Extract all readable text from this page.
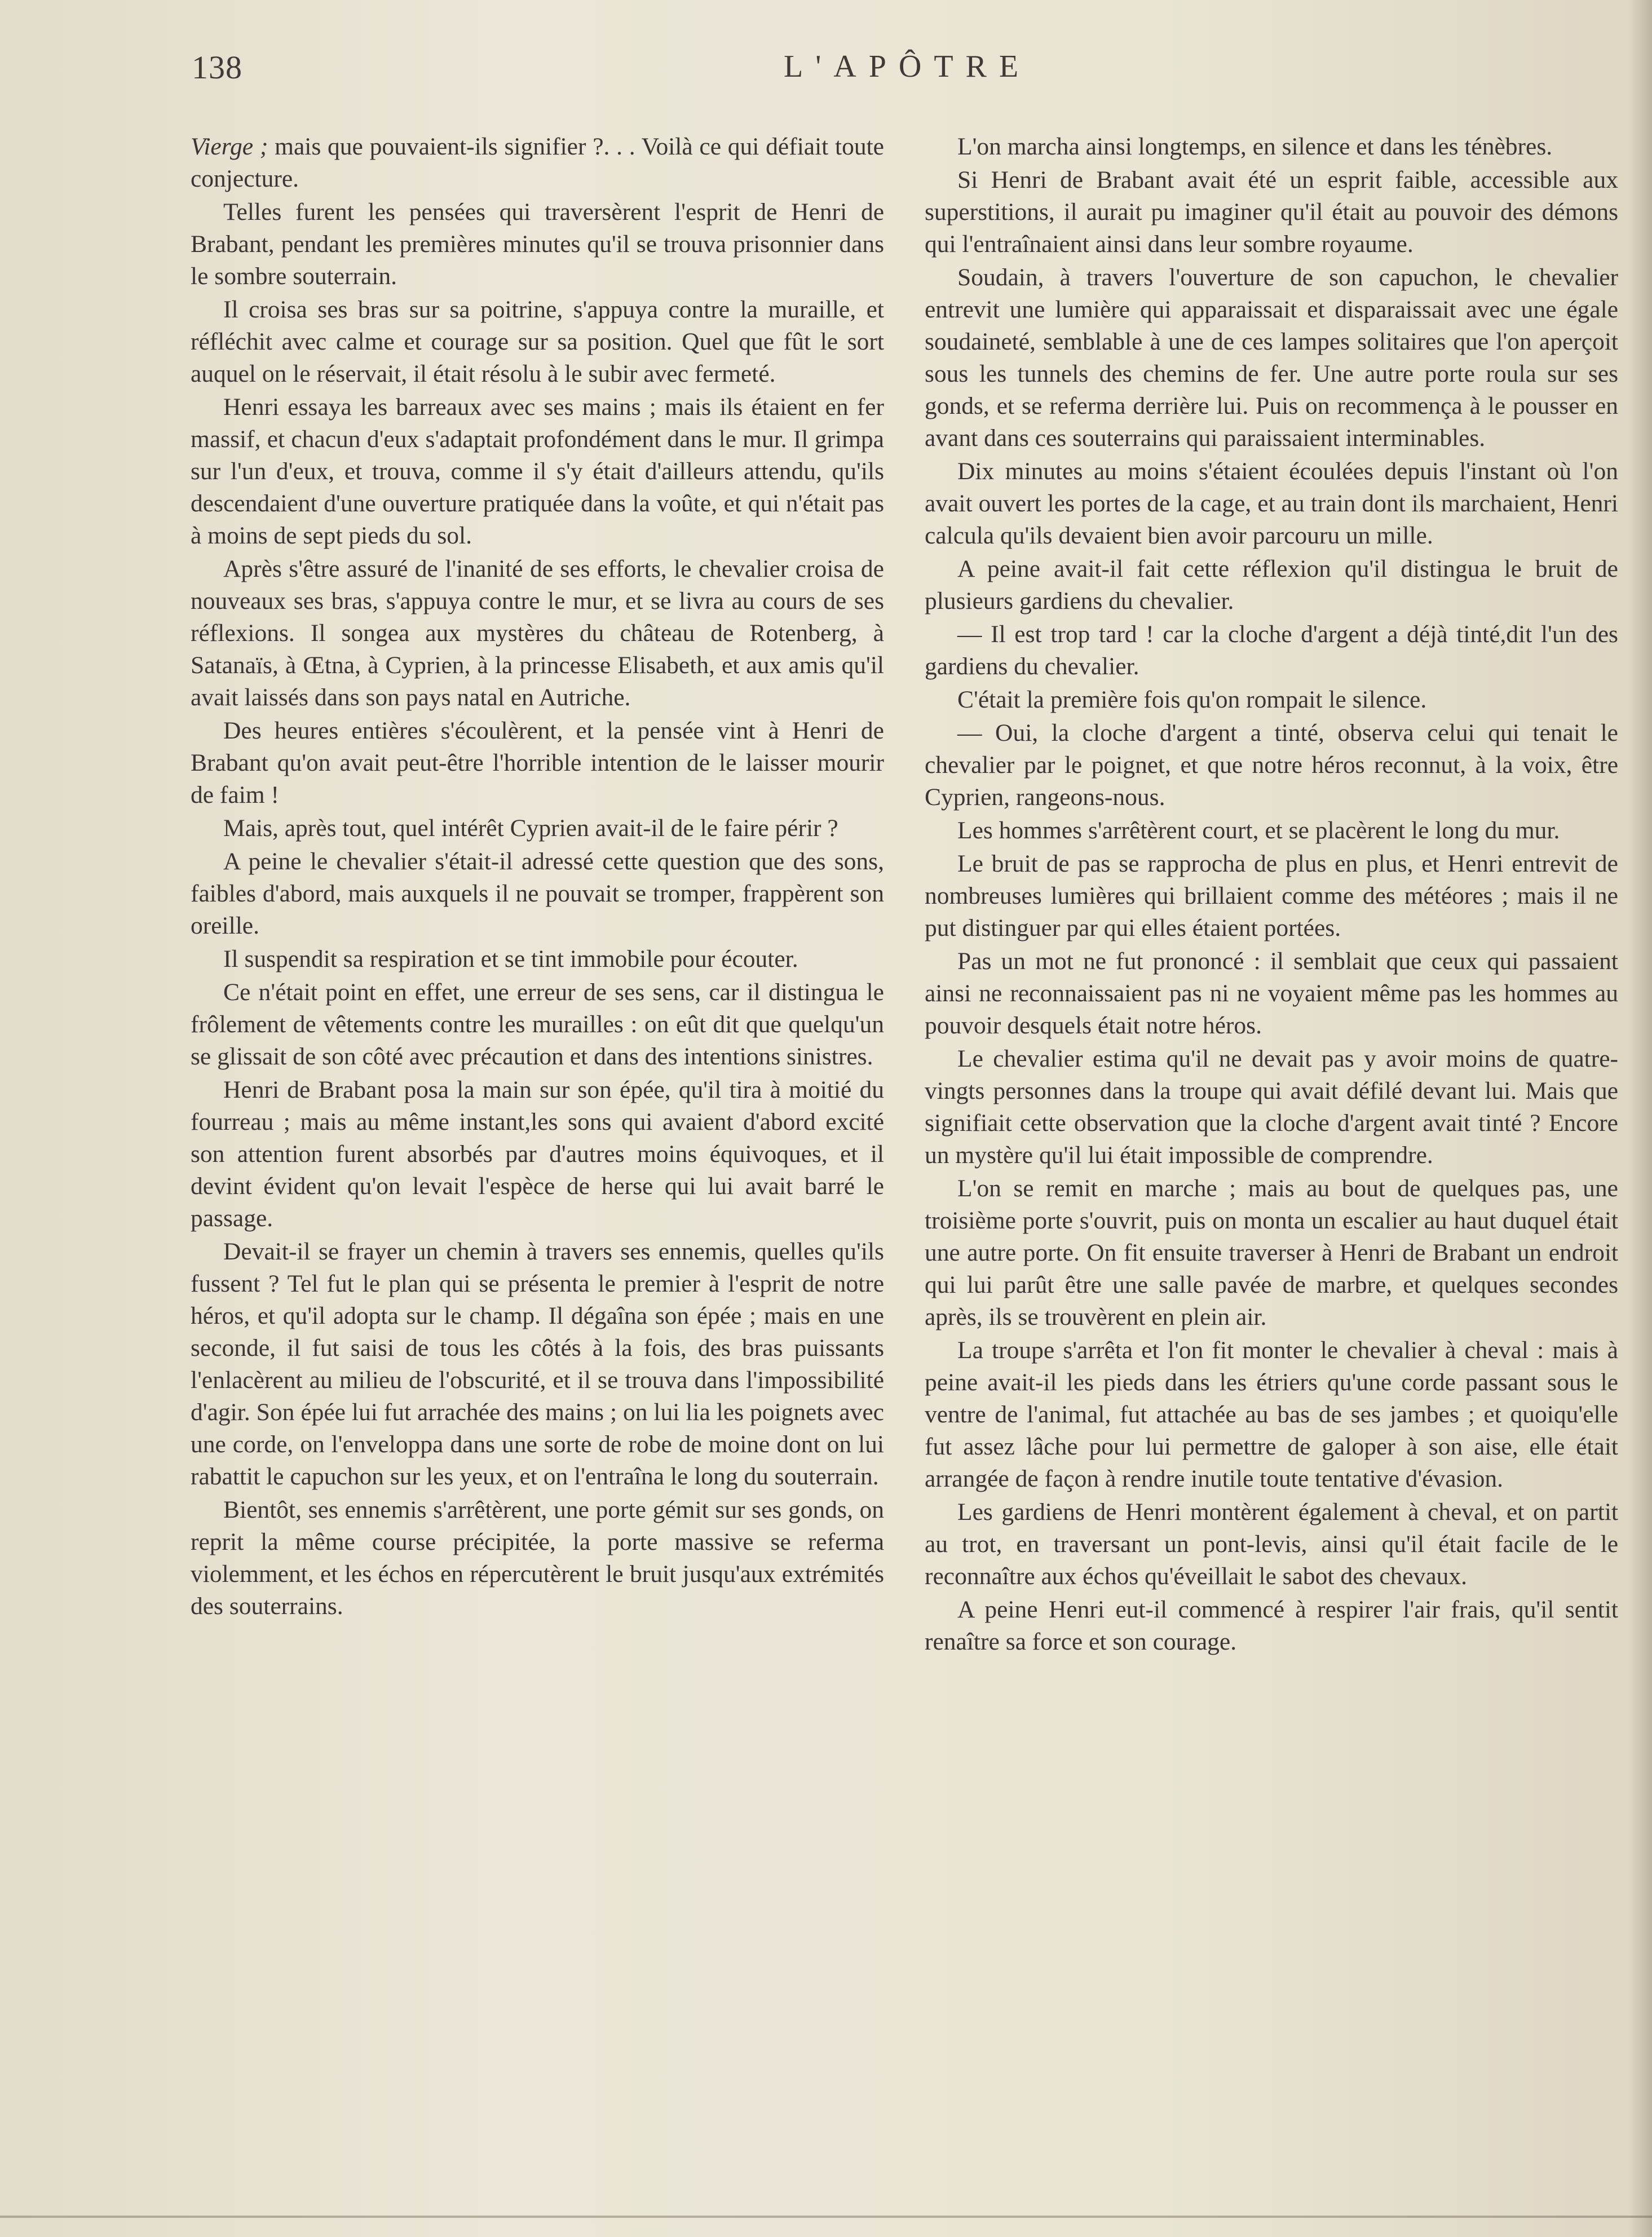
138	L'APÔTRE

Vierge ; mais que pouvaient-ils signifier ?. . . Voilà ce qui défiait toute conjecture.

Telles furent les pensées qui traversèrent l'esprit de Henri de Brabant, pendant les premières minutes qu'il se trouva prisonnier dans le sombre souterrain.

Il croisa ses bras sur sa poitrine, s'appuya contre la muraille, et réfléchit avec calme et courage sur sa position. Quel que fût le sort auquel on le réservait, il était résolu à le subir avec fermeté.

Henri essaya les barreaux avec ses mains ; mais ils étaient en fer massif, et chacun d'eux s'adaptait profondément dans le mur. Il grimpa sur l'un d'eux, et trouva, comme il s'y était d'ailleurs attendu, qu'ils descendaient d'une ouverture pratiquée dans la voûte, et qui n'était pas à moins de sept pieds du sol.

Après s'être assuré de l'inanité de ses efforts, le chevalier croisa de nouveaux ses bras, s'appuya contre le mur, et se livra au cours de ses réflexions. Il songea aux mystères du château de Rotenberg, à Satanaïs, à Œtna, à Cyprien, à la princesse Elisabeth, et aux amis qu'il avait laissés dans son pays natal en Autriche.

Des heures entières s'écoulèrent, et la pensée vint à Henri de Brabant qu'on avait peut-être l'horrible intention de le laisser mourir de faim !

Mais, après tout, quel intérêt Cyprien avait-il de le faire périr ?

A peine le chevalier s'était-il adressé cette question que des sons, faibles d'abord, mais auxquels il ne pouvait se tromper, frappèrent son oreille.

Il suspendit sa respiration et se tint immobile pour écouter.

Ce n'était point en effet, une erreur de ses sens, car il distingua le frôlement de vêtements contre les murailles : on eût dit que quelqu'un se glissait de son côté avec précaution et dans des intentions sinistres.

Henri de Brabant posa la main sur son épée, qu'il tira à moitié du fourreau ; mais au même instant,les sons qui avaient d'abord excité son attention furent absorbés par d'autres moins équivoques, et il devint évident qu'on levait l'espèce de herse qui lui avait barré le passage.

Devait-il se frayer un chemin à travers ses ennemis, quelles qu'ils fussent ? Tel fut le plan qui se présenta le premier à l'esprit de notre héros, et qu'il adopta sur le champ. Il dégaîna son épée ; mais en une seconde, il fut saisi de tous les côtés à la fois, des bras puissants l'enlacèrent au milieu de l'obscurité, et il se trouva dans l'impossibilité d'agir. Son épée lui fut arrachée des mains ; on lui lia les poignets avec une corde, on l'enveloppa dans une sorte de robe de moine dont on lui rabattit le capuchon sur les yeux, et on l'entraîna le long du souterrain.

Bientôt, ses ennemis s'arrêtèrent, une porte gémit sur ses gonds, on reprit la même course précipitée, la porte massive se referma violemment, et les échos en répercutèrent le bruit jusqu'aux extrémités des souterrains.

L'on marcha ainsi longtemps, en silence et dans les ténèbres.

Si Henri de Brabant avait été un esprit faible, accessible aux superstitions, il aurait pu imaginer qu'il était au pouvoir des démons qui l'entraînaient ainsi dans leur sombre royaume.

Soudain, à travers l'ouverture de son capuchon, le chevalier entrevit une lumière qui apparaissait et disparaissait avec une égale soudaineté, semblable à une de ces lampes solitaires que l'on aperçoit sous les tunnels des chemins de fer. Une autre porte roula sur ses gonds, et se referma derrière lui. Puis on recommença à le pousser en avant dans ces souterrains qui paraissaient interminables.

Dix minutes au moins s'étaient écoulées depuis l'instant où l'on avait ouvert les portes de la cage, et au train dont ils marchaient, Henri calcula qu'ils devaient bien avoir parcouru un mille.

A peine avait-il fait cette réflexion qu'il distingua le bruit de plusieurs gardiens du chevalier.

— Il est trop tard ! car la cloche d'argent a déjà tinté,dit l'un des gardiens du chevalier.

C'était la première fois qu'on rompait le silence.

— Oui, la cloche d'argent a tinté, observa celui qui tenait le chevalier par le poignet, et que notre héros reconnut, à la voix, être Cyprien, rangeons-nous.

Les hommes s'arrêtèrent court, et se placèrent le long du mur.

Le bruit de pas se rapprocha de plus en plus, et Henri entrevit de nombreuses lumières qui brillaient comme des météores ; mais il ne put distinguer par qui elles étaient portées.

Pas un mot ne fut prononcé : il semblait que ceux qui passaient ainsi ne reconnaissaient pas ni ne voyaient même pas les hommes au pouvoir desquels était notre héros.

Le chevalier estima qu'il ne devait pas y avoir moins de quatre-vingts personnes dans la troupe qui avait défilé devant lui. Mais que signifiait cette observation que la cloche d'argent avait tinté ? Encore un mystère qu'il lui était impossible de comprendre.

L'on se remit en marche ; mais au bout de quelques pas, une troisième porte s'ouvrit, puis on monta un escalier au haut duquel était une autre porte. On fit ensuite traverser à Henri de Brabant un endroit qui lui parût être une salle pavée de marbre, et quelques secondes après, ils se trouvèrent en plein air.

La troupe s'arrêta et l'on fit monter le chevalier à cheval : mais à peine avait-il les pieds dans les étriers qu'une corde passant sous le ventre de l'animal, fut attachée au bas de ses jambes ; et quoiqu'elle fut assez lâche pour lui permettre de galoper à son aise, elle était arrangée de façon à rendre inutile toute tentative d'évasion.

Les gardiens de Henri montèrent également à cheval, et on partit au trot, en traversant un pont-levis, ainsi qu'il était facile de le reconnaître aux échos qu'éveillait le sabot des chevaux.

A peine Henri eut-il commencé à respirer l'air frais, qu'il sentit renaître sa force et son courage.
